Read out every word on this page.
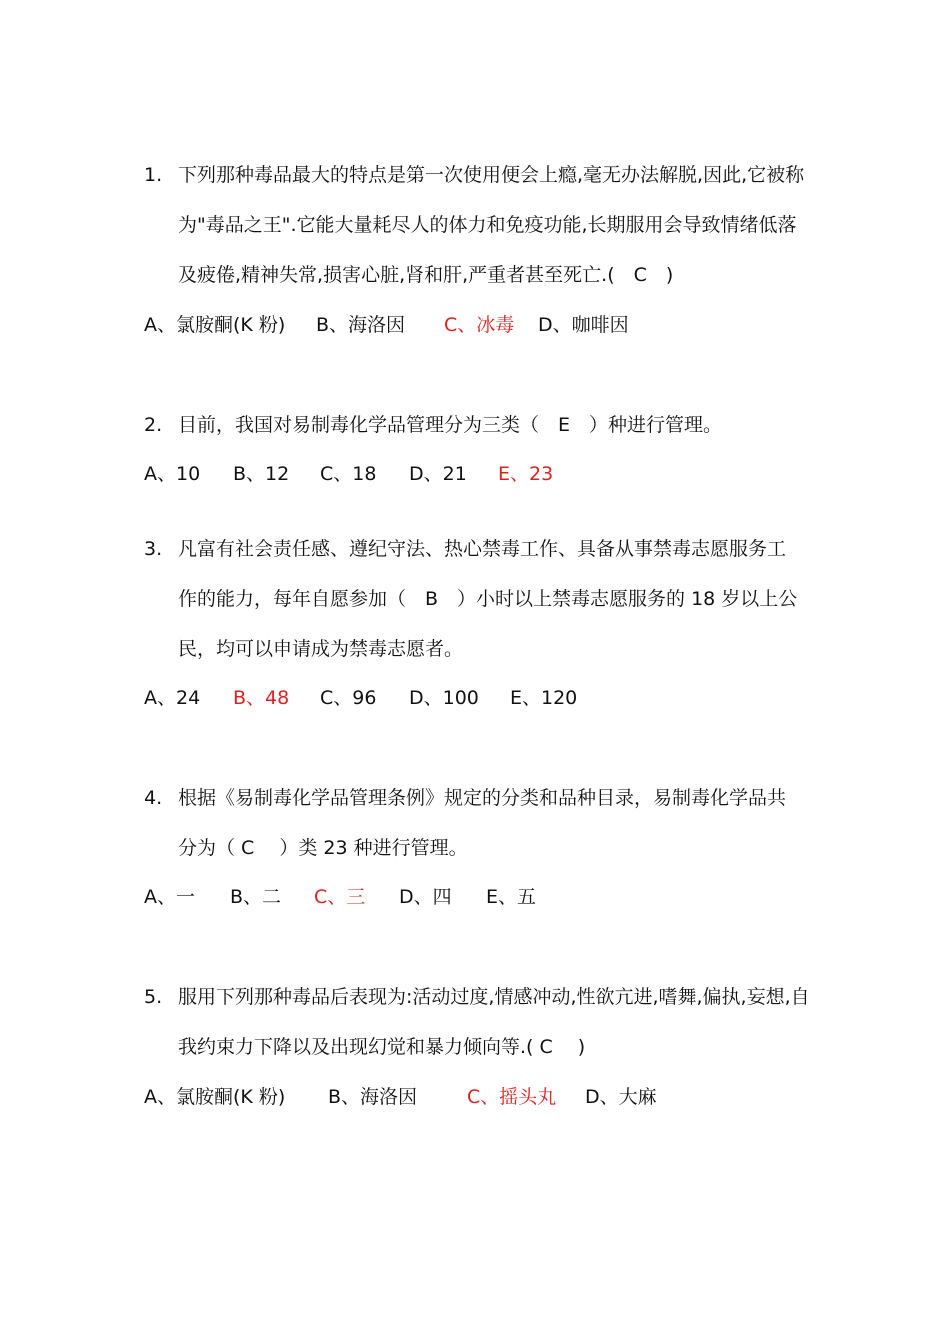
1. 下列那种毒品最大的特点是第一次使用便会上瘾,毫无办法解脱,因此,它被称
为"毒品之王".它能大量耗尽人的体力和免疫功能,长期服用会导致情绪低落
及疲倦,精神失常,损害心脏,肾和肝,严重者甚至死亡.(　C　)
A、氯胺酮(K 粉) B、海洛因 C、冰毒 D、咖啡因
2. 目前，我国对易制毒化学品管理分为三类（　E　）种进行管理。
A、10 B、12 C、18 D、21 E、23
3. 凡富有社会责任感、遵纪守法、热心禁毒工作、具备从事禁毒志愿服务工
作的能力，每年自愿参加（　B　）小时以上禁毒志愿服务的 18 岁以上公
民，均可以申请成为禁毒志愿者。
A、24 B、48 C、96 D、100 E、120
4. 根据《易制毒化学品管理条例》规定的分类和品种目录，易制毒化学品共
分为（ C　 ）类 23 种进行管理。
A、一 B、二 C、三 D、四 E、五
5. 服用下列那种毒品后表现为:活动过度,情感冲动,性欲亢进,嗜舞,偏执,妄想,自
我约束力下降以及出现幻觉和暴力倾向等.( C　 )
A、氯胺酮(K 粉) B、海洛因	C、摇头丸 D、大麻
